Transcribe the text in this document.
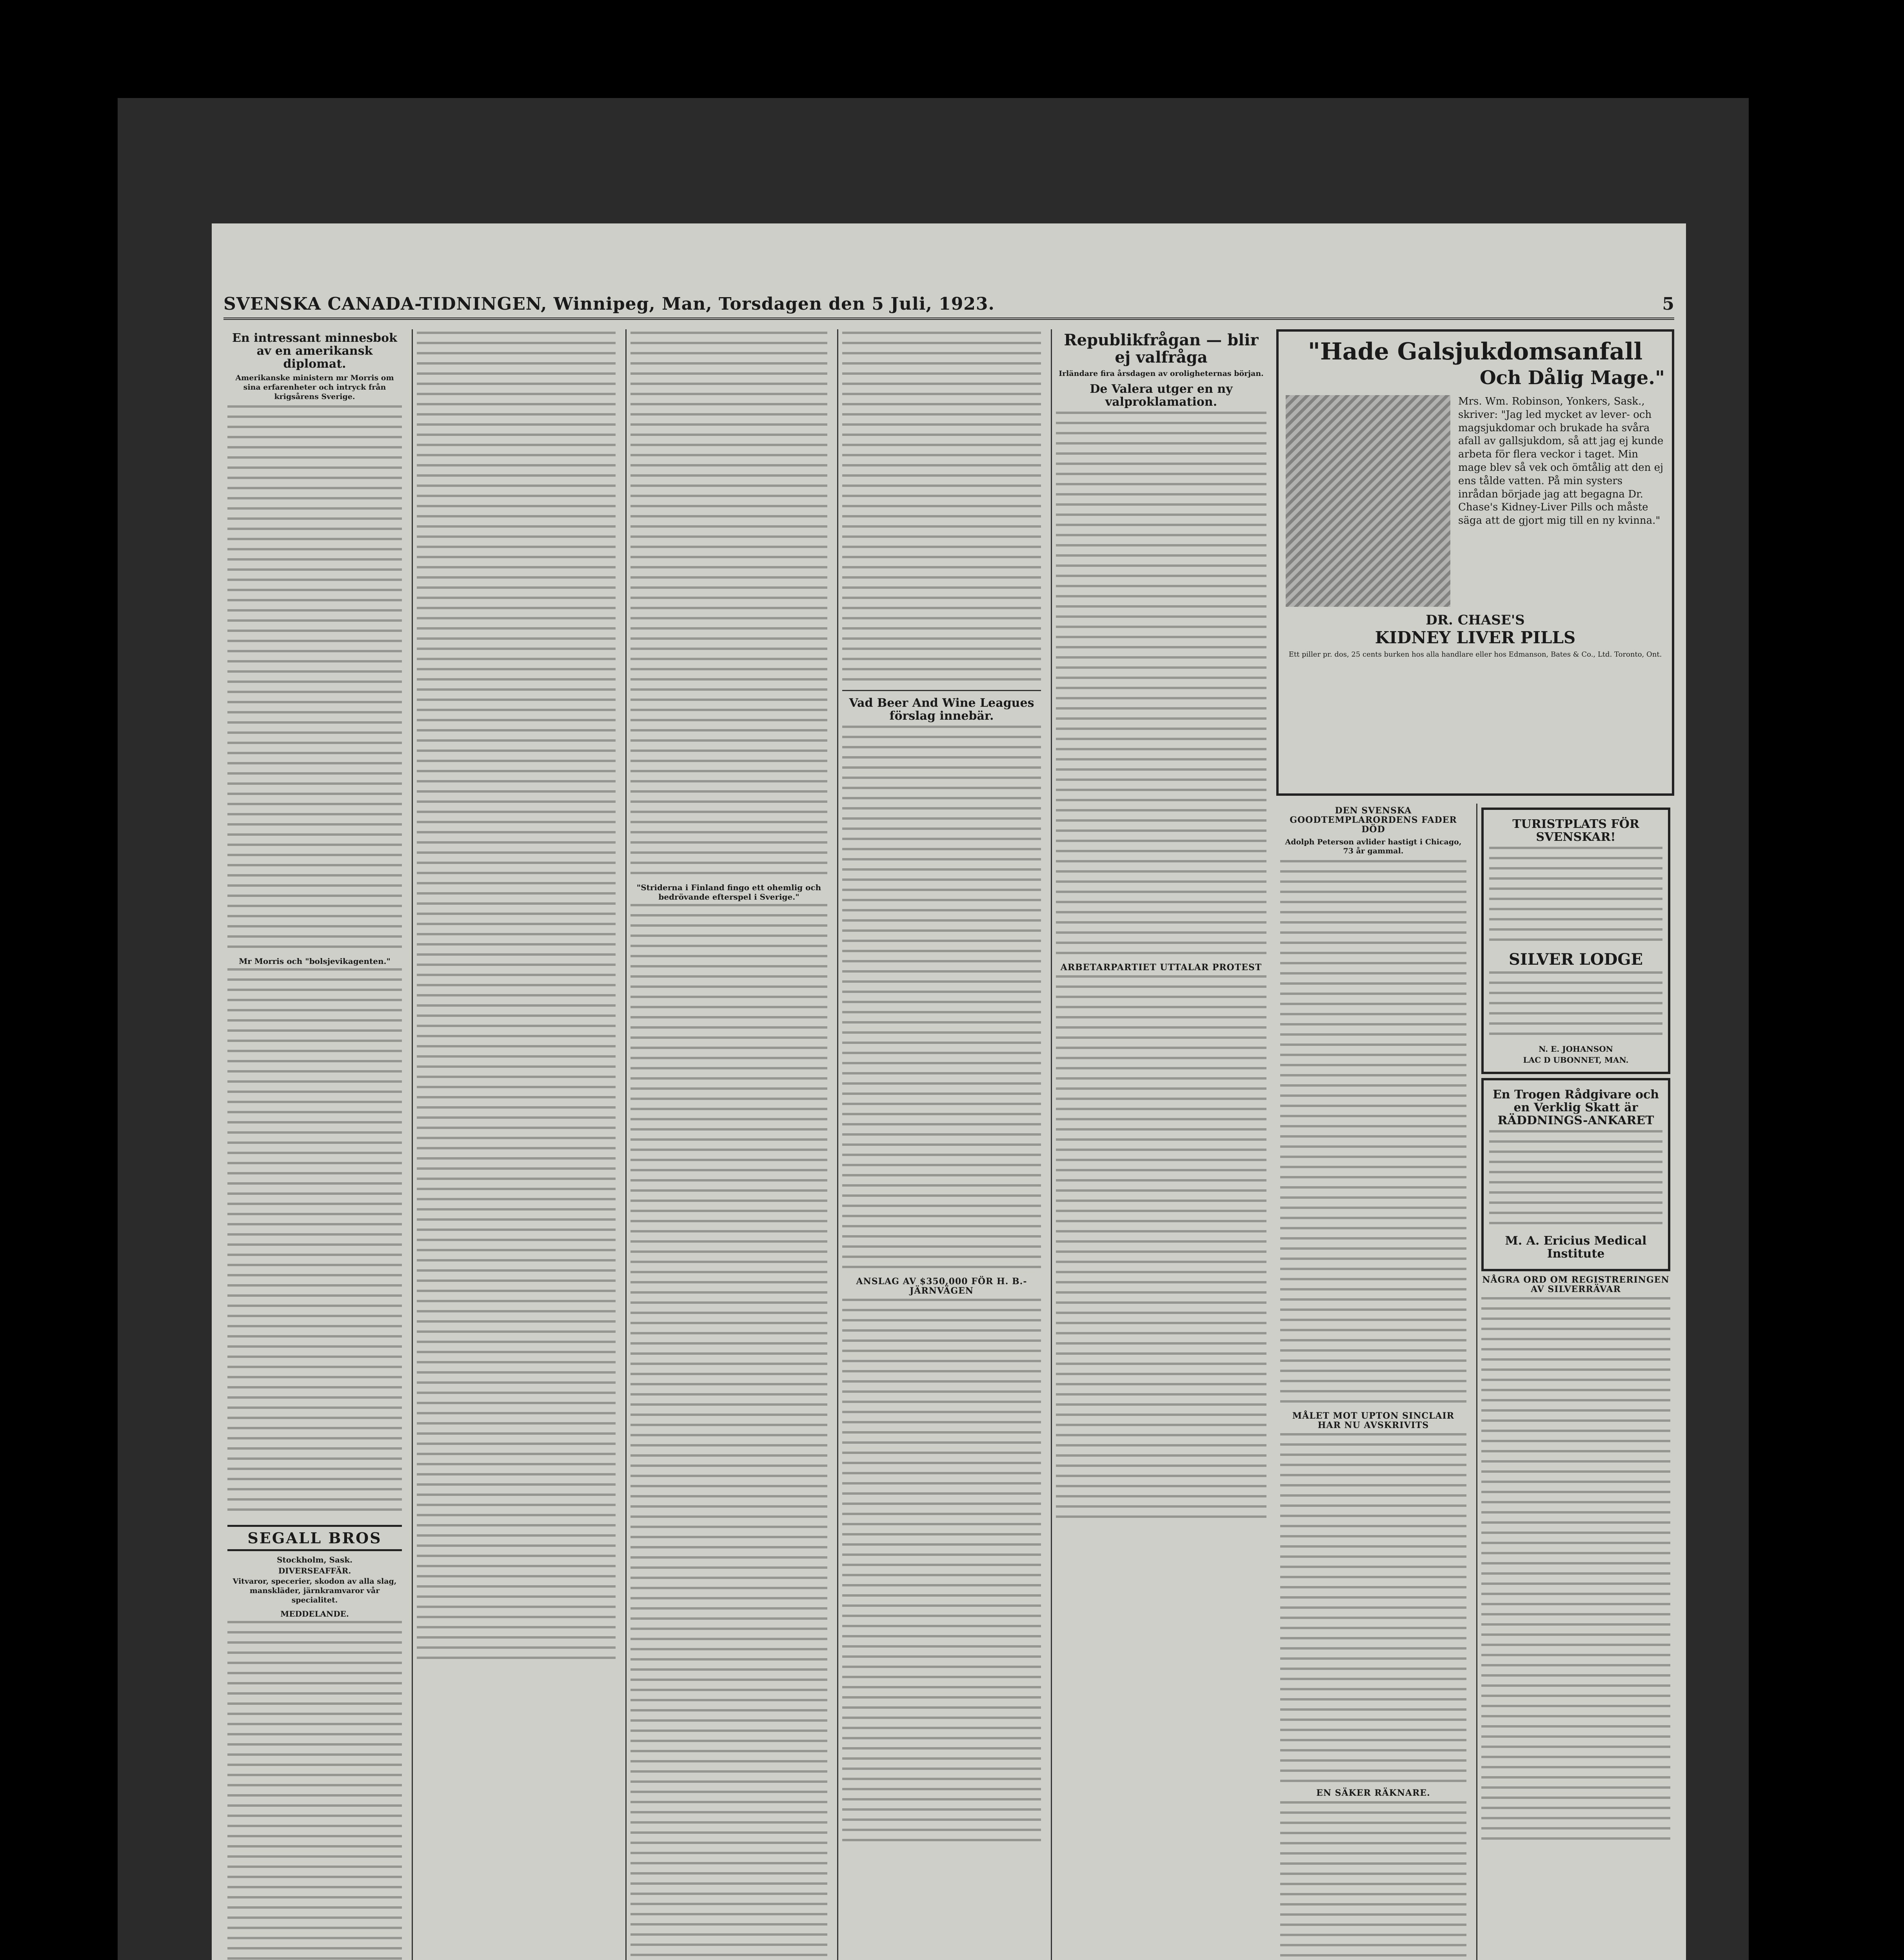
SVENSKA CANADA-TIDNINGEN, Winnipeg, Man, Torsdagen den 5 Juli, 1923.	5
En intressant minnesbok av en amerikansk diplomat.
Amerikanske ministern mr Morris om sina erfarenheter och intryck från krigsårens Sverige.
Mr Morris och "bolsjevikagenten."
SEGALL BROS
Stockholm, Sask.
DIVERSEAFFÄR.
Vitvaror, specerier, skodon av alla slag, manskläder, järnkramvaror vår specialitet.
MEDDELANDE.
"Striderna i Finland fingo ett ohemlig och bedrövande efterspel i Sverige."
Vad Beer And Wine Leagues förslag innebär.
ANSLAG AV $350,000 FÖR H. B.-JÄRNVÄGEN
Republikfrågan — blir ej valfråga
Irländare fira årsdagen av oroligheternas början.
De Valera utger en ny valproklamation.
ARBETARPARTIET UTTALAR PROTEST
"Hade Galsjukdomsanfall
Och Dålig Mage."
Mrs. Wm. Robinson, Yonkers, Sask., skriver: "Jag led mycket av lever- och magsjukdomar och brukade ha svåra afall av gallsjukdom, så att jag ej kunde arbeta för flera veckor i taget. Min mage blev så vek och ömtålig att den ej ens tålde vatten. På min systers inrådan började jag att begagna Dr. Chase's Kidney-Liver Pills och måste säga att de gjort mig till en ny kvinna."
DR. CHASE'S
KIDNEY LIVER PILLS
Ett piller pr. dos, 25 cents burken hos alla handlare eller hos Edmanson, Bates & Co., Ltd. Toronto, Ont.
DEN SVENSKA GOODTEMPLARORDENS FADER DÖD
Adolph Peterson avlider hastigt i Chicago, 73 år gammal.
MÅLET MOT UPTON SINCLAIR HAR NU AVSKRIVITS
EN SÄKER RÄKNARE.
TURISTPLATS FÖR SVENSKAR!
SILVER LODGE
N. E. JOHANSON
LAC D UBONNET, MAN.
En Trogen Rådgivare och en Verklig Skatt är RÄDDNINGS-ANKARET
M. A. Ericius Medical Institute
NÅGRA ORD OM REGISTRERINGEN AV SILVERRÄVAR
